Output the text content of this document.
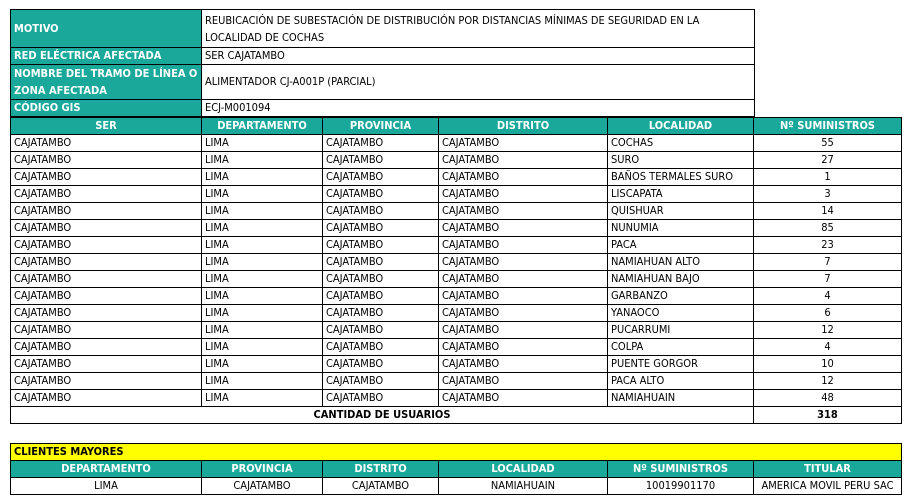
MOTIVO	REUBICACIÓN DE SUBESTACIÓN DE DISTRIBUCIÓN POR DISTANCIAS MÍNIMAS DE SEGURIDAD EN LA LOCALIDAD DE COCHAS
RED ELÉCTRICA AFECTADA	SER CAJATAMBO
NOMBRE DEL TRAMO DE LÍNEA O ZONA AFECTADA	ALIMENTADOR CJ-A001P (PARCIAL)
CÓDIGO GIS	ECJ-M001094
SER	DEPARTAMENTO	PROVINCIA	DISTRITO	LOCALIDAD	Nº SUMINISTROS
CAJATAMBO	LIMA	CAJATAMBO	CAJATAMBO	COCHAS	55
CAJATAMBO	LIMA	CAJATAMBO	CAJATAMBO	SURO	27
CAJATAMBO	LIMA	CAJATAMBO	CAJATAMBO	BAÑOS TERMALES SURO	1
CAJATAMBO	LIMA	CAJATAMBO	CAJATAMBO	LISCAPATA	3
CAJATAMBO	LIMA	CAJATAMBO	CAJATAMBO	QUISHUAR	14
CAJATAMBO	LIMA	CAJATAMBO	CAJATAMBO	NUNUMIA	85
CAJATAMBO	LIMA	CAJATAMBO	CAJATAMBO	PACA	23
CAJATAMBO	LIMA	CAJATAMBO	CAJATAMBO	NAMIAHUAN ALTO	7
CAJATAMBO	LIMA	CAJATAMBO	CAJATAMBO	NAMIAHUAN BAJO	7
CAJATAMBO	LIMA	CAJATAMBO	CAJATAMBO	GARBANZO	4
CAJATAMBO	LIMA	CAJATAMBO	CAJATAMBO	YANAOCO	6
CAJATAMBO	LIMA	CAJATAMBO	CAJATAMBO	PUCARRUMI	12
CAJATAMBO	LIMA	CAJATAMBO	CAJATAMBO	COLPA	4
CAJATAMBO	LIMA	CAJATAMBO	CAJATAMBO	PUENTE GORGOR	10
CAJATAMBO	LIMA	CAJATAMBO	CAJATAMBO	PACA ALTO	12
CAJATAMBO	LIMA	CAJATAMBO	CAJATAMBO	NAMIAHUAIN	48
CANTIDAD DE USUARIOS					318
CLIENTES MAYORES					
DEPARTAMENTO	PROVINCIA	DISTRITO	LOCALIDAD	Nº SUMINISTROS	TITULAR
LIMA	CAJATAMBO	CAJATAMBO	NAMIAHUAIN	10019901170	AMERICA MOVIL PERU SAC
